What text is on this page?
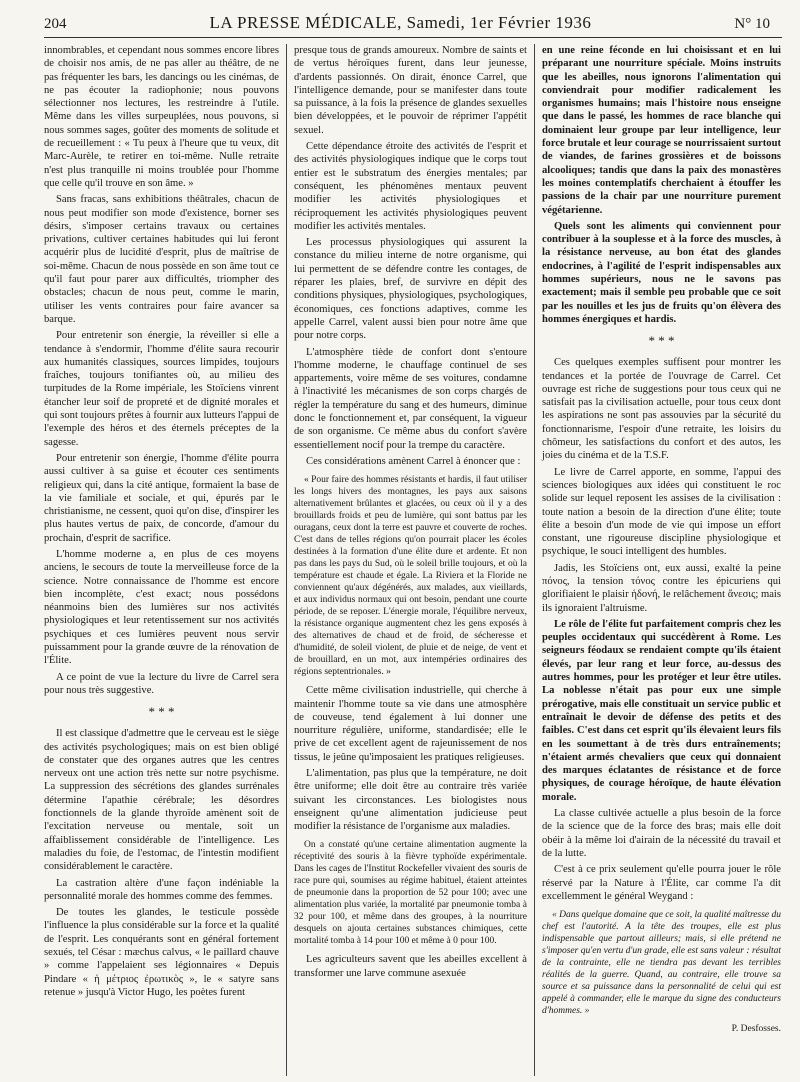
204	LA PRESSE MÉDICALE, Samedi, 1er Février 1936	N° 10

innombrables, et cependant nous sommes encore libres de choisir nos amis, de ne pas aller au théâtre, de ne pas fréquenter les bars, les dancings ou les cinémas, de ne pas écouter la radiophonie; nous pouvons sélectionner nos lectures, les restreindre à l'utile. Même dans les villes surpeuplées, nous pouvons, si nous sommes sages, goûter des moments de solitude et de recueillement : « Tu peux à l'heure que tu veux, dit Marc-Aurèle, te retirer en toi-même. Nulle retraite n'est plus tranquille ni moins troublée pour l'homme que celle qu'il trouve en son âme. »

Sans fracas, sans exhibitions théâtrales, chacun de nous peut modifier son mode d'existence, borner ses désirs, s'imposer certains travaux ou certaines privations, cultiver certaines habitudes qui lui feront acquérir plus de lucidité d'esprit, plus de maîtrise de soi-même. Chacun de nous possède en son âme tout ce qu'il faut pour parer aux difficultés, triompher des obstacles; chacun de nous peut, comme le marin, utiliser les vents contraires pour faire avancer sa barque.

Pour entretenir son énergie, la réveiller si elle a tendance à s'endormir, l'homme d'élite saura recourir aux humanités classiques, sources limpides, toujours fraîches, toujours tonifiantes où, au milieu des turpitudes de la Rome impériale, les Stoïciens vinrent étancher leur soif de propreté et de dignité morales et qui sont toujours prêtes à fournir aux lutteurs l'appui de l'exemple des héros et des éternels préceptes de la sagesse.

Pour entretenir son énergie, l'homme d'élite pourra aussi cultiver à sa guise et écouter ces sentiments religieux qui, dans la cité antique, formaient la base de la vie familiale et sociale, et qui, épurés par le christianisme, ne cessent, quoi qu'on dise, d'inspirer les plus hautes vertus de paix, de concorde, d'amour du prochain, d'esprit de sacrifice.

L'homme moderne a, en plus de ces moyens anciens, le secours de toute la merveilleuse force de la science. Notre connaissance de l'homme est encore bien incomplète, c'est exact; nous possédons néanmoins bien des lumières sur nos activités physiologiques et leur retentissement sur nos activités psychiques et ces lumières peuvent nous servir puissamment pour la grande œuvre de la rénovation de l'Élite.

A ce point de vue la lecture du livre de Carrel sera pour nous très suggestive.

* * *

Il est classique d'admettre que le cerveau est le siège des activités psychologiques; mais on est bien obligé de constater que des organes autres que les centres nerveux ont une action très nette sur notre psychisme. La suppression des sécrétions des glandes surrénales détermine l'apathie cérébrale; les désordres fonctionnels de la glande thyroïde amènent soit de l'excitation nerveuse ou mentale, soit un affaiblissement considérable de l'intelligence. Les maladies du foie, de l'estomac, de l'intestin modifient considérablement le caractère.

La castration altère d'une façon indéniable la personnalité morale des hommes comme des femmes.

De toutes les glandes, le testicule possède l'influence la plus considérable sur la force et la qualité de l'esprit. Les conquérants sont en général fortement sexués, tel César : mæchus calvus, « le paillard chauve » comme l'appelaient ses légionnaires « Depuis Pindare « ἡ μέτριος ἐρωτικὸς », le « satyre sans retenue » jusqu'à Victor Hugo, les poètes furent

presque tous de grands amoureux. Nombre de saints et de vertus héroïques furent, dans leur jeunesse, d'ardents passionnés. On dirait, énonce Carrel, que l'intelligence demande, pour se manifester dans toute sa puissance, à la fois la présence de glandes sexuelles bien développées, et le pouvoir de réprimer l'appétit sexuel.

Cette dépendance étroite des activités de l'esprit et des activités physiologiques indique que le corps tout entier est le substratum des énergies mentales; par conséquent, les phénomènes mentaux peuvent modifier les activités physiologiques et réciproquement les activités physiologiques peuvent modifier les activités mentales.

Les processus physiologiques qui assurent la constance du milieu interne de notre organisme, qui lui permettent de se défendre contre les contages, de réparer les plaies, bref, de survivre en dépit des conditions physiques, physiologiques, psychologiques, économiques, ces fonctions adaptives, comme les appelle Carrel, valent aussi bien pour notre âme que pour notre corps.

L'atmosphère tiède de confort dont s'entoure l'homme moderne, le chauffage continuel de ses appartements, voire même de ses voitures, condamne à l'inactivité les mécanismes de son corps chargés de régler la température du sang et des humeurs, diminue donc le fonctionnement et, par conséquent, la vigueur de son organisme. Ce même abus du confort s'avère essentiellement nocif pour la trempe du caractère.

Ces considérations amènent Carrel à énoncer que :

« Pour faire des hommes résistants et hardis, il faut utiliser les longs hivers des montagnes, les pays aux saisons alternativement brûlantes et glacées, ou ceux où il y a des brouillards froids et peu de lumière, qui sont battus par les ouragans, ceux dont la terre est pauvre et couverte de roches. C'est dans de telles régions qu'on pourrait placer les écoles destinées à la formation d'une élite dure et ardente. Et non pas dans les pays du Sud, où le soleil brille toujours, et où la température est chaude et égale. La Riviera et la Floride ne conviennent qu'aux dégénérés, aux malades, aux vieillards, et aux individus normaux qui ont besoin, pendant une courte période, de se reposer. L'énergie morale, l'équilibre nerveux, la résistance organique augmentent chez les gens exposés à des alternatives de chaud et de froid, de sécheresse et d'humidité, de soleil violent, de pluie et de neige, de vent et de brouillard, en un mot, aux intempéries ordinaires des régions septentrionales. »

Cette même civilisation industrielle, qui cherche à maintenir l'homme toute sa vie dans une atmosphère de couveuse, tend également à lui donner une nourriture régulière, uniforme, standardisée; elle le prive de cet excellent agent de rajeunissement de nos tissus, le jeûne qu'imposaient les pratiques religieuses.

L'alimentation, pas plus que la température, ne doit être uniforme; elle doit être au contraire très variée suivant les circonstances. Les biologistes nous enseignent qu'une alimentation judicieuse peut modifier la résistance de l'organisme aux maladies.

On a constaté qu'une certaine alimentation augmente la réceptivité des souris à la fièvre typhoïde expérimentale. Dans les cages de l'Institut Rockefeller vivaient des souris de race pure qui, soumises au régime habituel, étaient atteintes de pneumonie dans la proportion de 52 pour 100; avec une alimentation plus variée, la mortalité par pneumonie tomba à 32 pour 100, et même dans des groupes, à la nourriture desquels on ajouta certaines substances chimiques, cette mortalité tomba à 14 pour 100 et même à 0 pour 100.

Les agriculteurs savent que les abeilles excellent à transformer une larve commune asexuée

en une reine féconde en lui choisissant et en lui préparant une nourriture spéciale. Moins instruits que les abeilles, nous ignorons l'alimentation qui conviendrait pour modifier radicalement les organismes humains; mais l'histoire nous enseigne que dans le passé, les hommes de race blanche qui dominaient leur groupe par leur intelligence, leur force brutale et leur courage se nourrissaient surtout de viandes, de farines grossières et de boissons alcooliques; tandis que dans la paix des monastères les moines contemplatifs cherchaient à étouffer les passions de la chair par une nourriture purement végétarienne.

Quels sont les aliments qui conviennent pour contribuer à la souplesse et à la force des muscles, à la résistance nerveuse, au bon état des glandes endocrines, à l'agilité de l'esprit indispensables aux hommes supérieurs, nous ne le savons pas exactement; mais il semble peu probable que ce soit par les nouilles et les jus de fruits qu'on élèvera des hommes énergiques et hardis.

* * *

Ces quelques exemples suffisent pour montrer les tendances et la portée de l'ouvrage de Carrel. Cet ouvrage est riche de suggestions pour tous ceux qui ne satisfait pas la civilisation actuelle, pour tous ceux dont les aspirations ne sont pas assouvies par la sécurité du fonctionnarisme, l'espoir d'une retraite, les loisirs du chômeur, les satisfactions du confort et des autos, les joies du cinéma et de la T.S.F.

Le livre de Carrel apporte, en somme, l'appui des sciences biologiques aux idées qui constituent le roc solide sur lequel reposent les assises de la civilisation : toute nation a besoin de la direction d'une élite; toute élite a besoin d'un mode de vie qui impose un effort constant, une rigoureuse discipline physiologique et psychique, le souci intelligent des humbles.

Jadis, les Stoïciens ont, eux aussi, exalté la peine πόνος, la tension τόνος contre les épicuriens qui glorifiaient le plaisir ἡδονή, le relâchement ἄνεσις; mais ils ignoraient l'altruisme.

Le rôle de l'élite fut parfaitement compris chez les peuples occidentaux qui succédèrent à Rome. Les seigneurs féodaux se rendaient compte qu'ils étaient élevés, par leur rang et leur force, au-dessus des autres hommes, pour les protéger et leur être utiles. La noblesse n'était pas pour eux une simple prérogative, mais elle constituait un service public et entraînait le devoir de défense des petits et des faibles. C'est dans cet esprit qu'ils élevaient leurs fils en les soumettant à de très durs entraînements; n'étaient armés chevaliers que ceux qui donnaient des marques éclatantes de résistance et de force physiques, de courage héroïque, de haute élévation morale.

La classe cultivée actuelle a plus besoin de la force de la science que de la force des bras; mais elle doit obéir à la même loi d'airain de la nécessité du travail et de la lutte.

C'est à ce prix seulement qu'elle pourra jouer le rôle réservé par la Nature à l'Élite, car comme l'a dit excellemment le général Weygand :

« Dans quelque domaine que ce soit, la qualité maîtresse du chef est l'autorité. A la tête des troupes, elle est plus indispensable que partout ailleurs; mais, si elle prétend ne s'imposer qu'en vertu d'un grade, elle est sans valeur : résultat de la contrainte, elle ne tiendra pas devant les terribles réalités de la guerre. Quand, au contraire, elle trouve sa source et sa puissance dans la personnalité de celui qui est appelé à commander, elle le marque du signe des conducteurs d'hommes. »

P. Desfosses.
